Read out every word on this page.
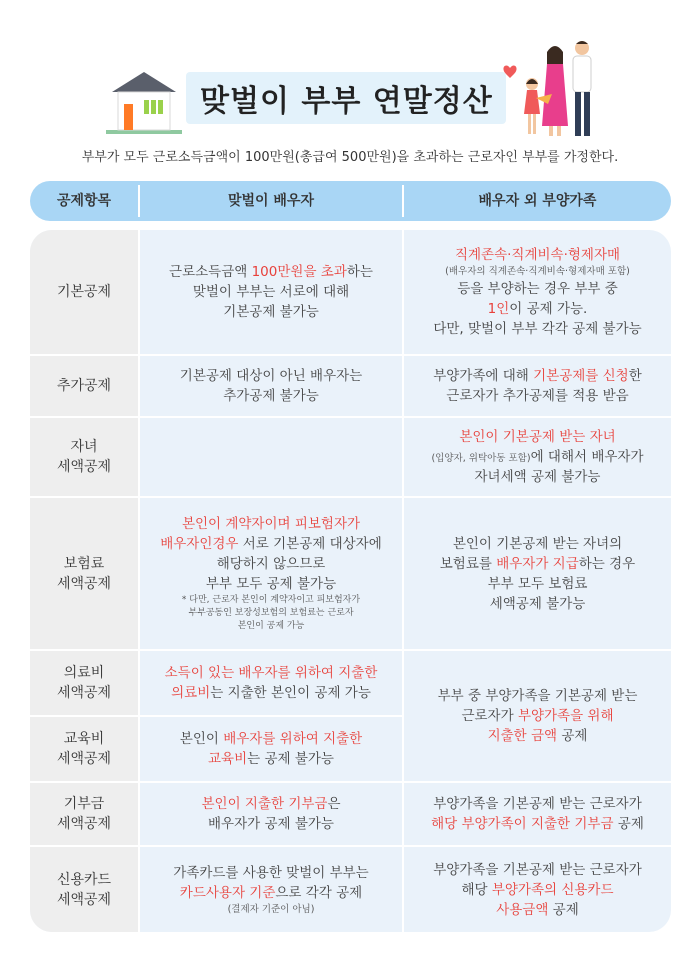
맞벌이 부부 연말정산
부부가 모두 근로소득금액이 100만원(총급여 500만원)을 초과하는 근로자인 부부를 가정한다.
공제항목	맞벌이 배우자	배우자 외 부양가족

기본공제

근로소득금액 100만원을 초과하는

맞벌이 부부는 서로에 대해

기본공제 불가능

직계존속·직계비속·형제자매

(배우자의 직계존속·직계비속·형제자매 포함)

등을 부양하는 경우 부부 중

1인이 공제 가능.

다만, 맞벌이 부부 각각 공제 불가능

추가공제

기본공제 대상이 아닌 배우자는

추가공제 불가능

부양가족에 대해 기본공제를 신청한

근로자가 추가공제를 적용 받음

자녀

세액공제

본인이 기본공제 받는 자녀

(입양자, 위탁아동 포함)에 대해서 배우자가

자녀세액 공제 불가능

보험료

세액공제

본인이 계약자이며 피보험자가

배우자인경우 서로 기본공제 대상자에

해당하지 않으므로

부부 모두 공제 불가능

* 다만, 근로자 본인이 계약자이고 피보험자가

부부공동인 보장성보험의 보험료는 근로자

본인이 공제 가능

본인이 기본공제 받는 자녀의

보험료를 배우자가 지급하는 경우

부부 모두 보험료

세액공제 불가능

의료비

세액공제

소득이 있는 배우자를 위하여 지출한

의료비는 지출한 본인이 공제 가능

교육비

세액공제

본인이 배우자를 위하여 지출한

교육비는 공제 불가능

부부 중 부양가족을 기본공제 받는

근로자가 부양가족을 위해

지출한 금액 공제

기부금

세액공제

본인이 지출한 기부금은

배우자가 공제 불가능

부양가족을 기본공제 받는 근로자가

해당 부양가족이 지출한 기부금 공제

신용카드

세액공제

가족카드를 사용한 맞벌이 부부는

카드사용자 기준으로 각각 공제

(결제자 기준이 아님)

부양가족을 기본공제 받는 근로자가

해당 부양가족의 신용카드

사용금액 공제
